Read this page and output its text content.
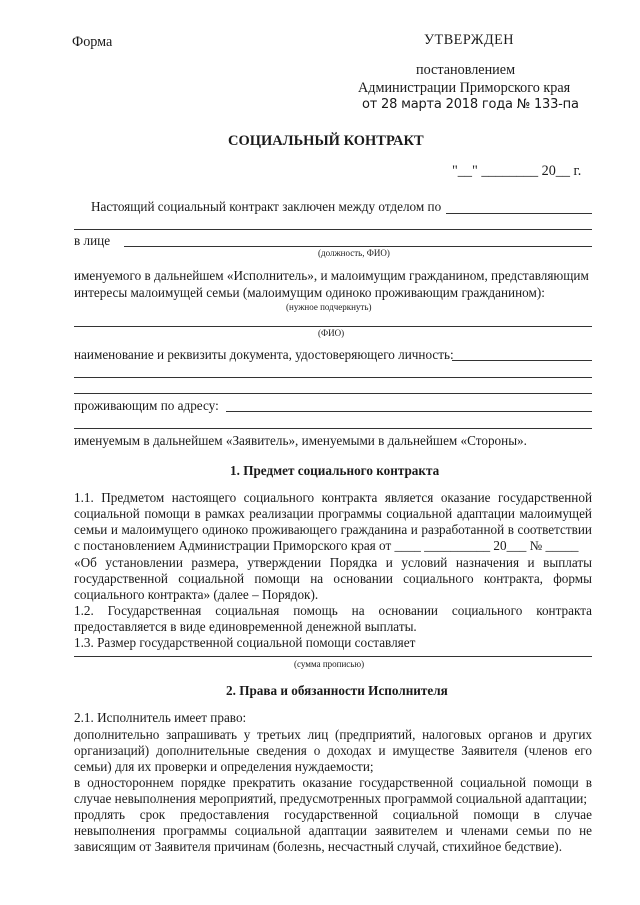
Форма	УТВЕРЖДЕН
постановлением
Администрации Приморского края
от 28 марта 2018 года № 133-па
СОЦИАЛЬНЫЙ КОНТРАКТ
"__" ________ 20__ г.
Настоящий социальный контракт заключен между отделом по
в лице
(должность, ФИО)
именуемого в дальнейшем «Исполнитель», и малоимущим гражданином, представляющим
интересы малоимущей семьи (малоимущим одиноко проживающим гражданином):
(нужное подчеркнуть)
(ФИО)
наименование и реквизиты документа, удостоверяющего личность:
проживающим по адресу:
именуемым в дальнейшем «Заявитель», именуемыми в дальнейшем «Стороны».
1. Предмет социального контракта
1.1. Предметом настоящего социального контракта является оказание государственной
социальной помощи в рамках реализации программы социальной адаптации малоимущей
семьи и малоимущего одиноко проживающего гражданина и разработанной в соответствии
с постановлением Администрации Приморского края от ____ __________ 20___ № _____
«Об установлении размера, утверждении Порядка и условий назначения и выплаты
государственной социальной помощи на основании социального контракта, формы
социального контракта» (далее – Порядок).
1.2. Государственная социальная помощь на основании социального контракта
предоставляется в виде единовременной денежной выплаты.
1.3. Размер государственной социальной помощи составляет
(сумма прописью)
2. Права и обязанности Исполнителя
2.1. Исполнитель имеет право:
дополнительно запрашивать у третьих лиц (предприятий, налоговых органов и других
организаций) дополнительные сведения о доходах и имуществе Заявителя (членов его
семьи) для их проверки и определения нуждаемости;
в одностороннем порядке прекратить оказание государственной социальной помощи в
случае невыполнения мероприятий, предусмотренных программой социальной адаптации;
продлять срок предоставления государственной социальной помощи в случае
невыполнения программы социальной адаптации заявителем и членами семьи по не
зависящим от Заявителя причинам (болезнь, несчастный случай, стихийное бедствие).
